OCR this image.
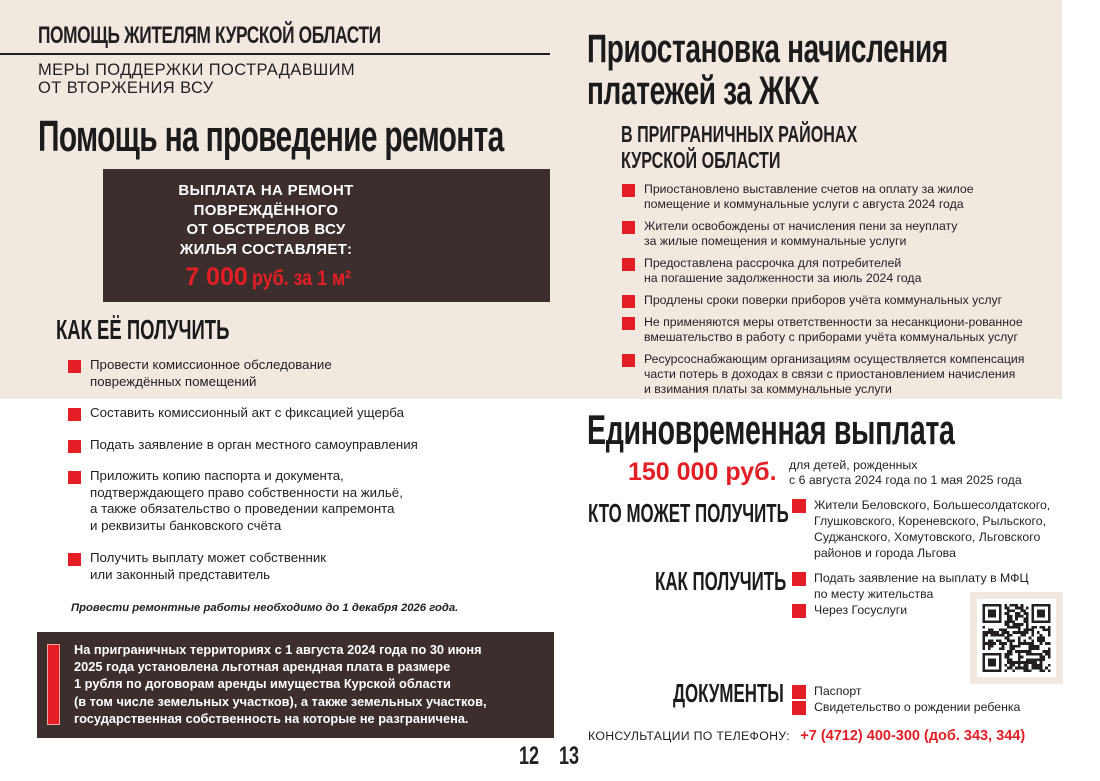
ПОМОЩЬ ЖИТЕЛЯМ КУРСКОЙ ОБЛАСТИ
МЕРЫ ПОДДЕРЖКИ ПОСТРАДАВШИМ
ОТ ВТОРЖЕНИЯ ВСУ
Помощь на проведение ремонта
ВЫПЛАТА НА РЕМОНТ
ПОВРЕЖДЁННОГО
ОТ ОБСТРЕЛОВ ВСУ
ЖИЛЬЯ СОСТАВЛЯЕТ:
7 000 руб. за 1 м²
КАК ЕЁ ПОЛУЧИТЬ
Провести комиссионное обследование
повреждённых помещений
Составить комиссионный акт с фиксацией ущерба
Подать заявление в орган местного самоуправления
Приложить копию паспорта и документа,
подтверждающего право собственности на жильё,
а также обязательство о проведении капремонта
и реквизиты банковского счёта
Получить выплату может собственник
или законный представитель
Провести ремонтные работы необходимо до 1 декабря 2026 года.
На приграничных территориях с 1 августа 2024 года по 30 июня
2025 года установлена льготная арендная плата в размере
1 рубля по договорам аренды имущества Курской области
(в том числе земельных участков), а также земельных участков,
государственная собственность на которые не разграничена.
12 13
Приостановка начисления
платежей за ЖКХ
В ПРИГРАНИЧНЫХ РАЙОНАХ
КУРСКОЙ ОБЛАСТИ
Приостановлено выставление счетов на оплату за жилое
помещение и коммунальные услуги с августа 2024 года
Жители освобождены от начисления пени за неуплату
за жилые помещения и коммунальные услуги
Предоставлена рассрочка для потребителей
на погашение задолженности за июль 2024 года
Продлены сроки поверки приборов учёта коммунальных услуг
Не применяются меры ответственности за несанкциони-рованное
вмешательство в работу с приборами учёта коммунальных услуг
Ресурсоснабжающим организациям осуществляется компенсация
части потерь в доходах в связи с приостановлением начисления
и взимания платы за коммунальные услуги
Единовременная выплата
150 000 руб. для детей, рожденных
с 6 августа 2024 года по 1 мая 2025 года
КТО МОЖЕТ ПОЛУЧИТЬ Жители Беловского, Большесолдатского,
Глушковского, Кореневского, Рыльского,
Суджанского, Хомутовского, Льговского
районов и города Льгова
КАК ПОЛУЧИТЬ Подать заявление на выплату в МФЦ
по месту жительства
Через Госуслуги
ДОКУМЕНТЫ Паспорт
Свидетельство о рождении ребенка
КОНСУЛЬТАЦИИ ПО ТЕЛЕФОНУ: +7 (4712) 400-300 (доб. 343, 344)
